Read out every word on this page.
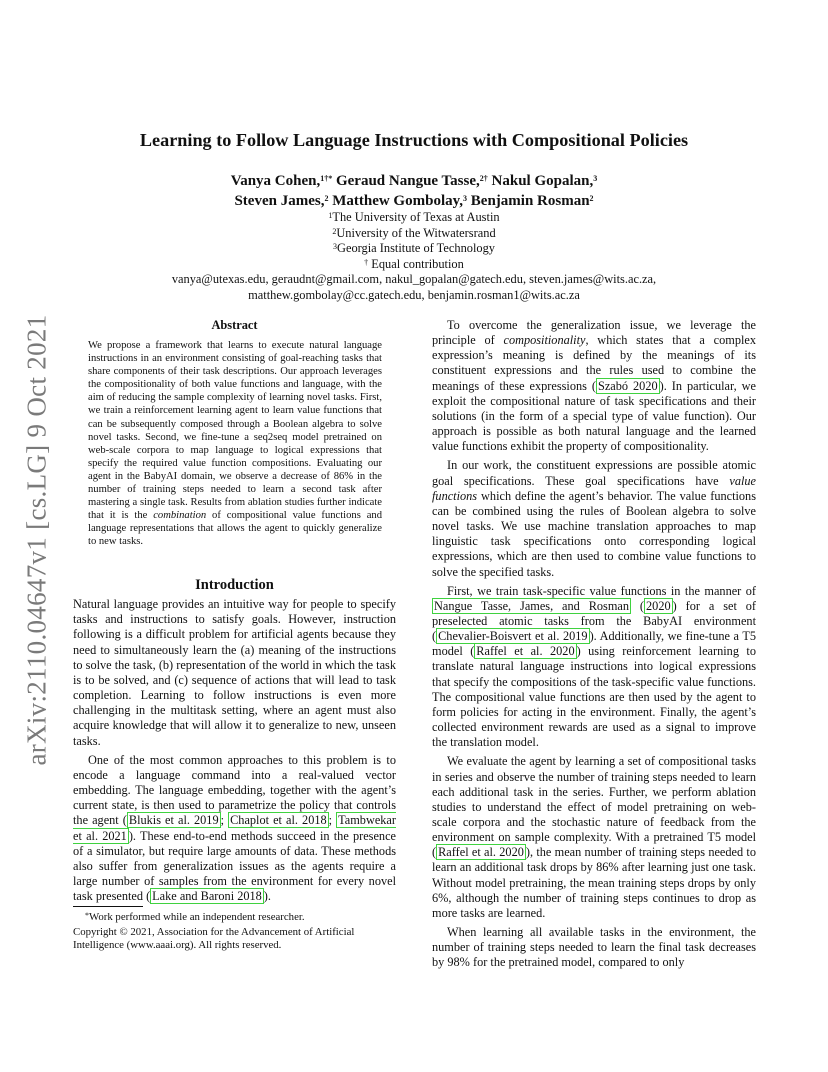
arXiv:2110.04647v1 [cs.LG] 9 Oct 2021
Learning to Follow Language Instructions with Compositional Policies
Vanya Cohen,$^{1\dagger*}$ Geraud Nangue Tasse,$^{2\dagger}$ Nakul Gopalan,$^3$
Steven James,$^2$ Matthew Gombolay,$^3$ Benjamin Rosman$^2$
$^1$The University of Texas at Austin
$^2$University of the Witwatersrand
$^3$Georgia Institute of Technology
† Equal contribution
vanya@utexas.edu, geraudnt@gmail.com, nakul_gopalan@gatech.edu, steven.james@wits.ac.za,
matthew.gombolay@cc.gatech.edu, benjamin.rosman1@wits.ac.za
Abstract
We propose a framework that learns to execute natural language instructions in an environment consisting of goal-reaching tasks that share components of their task descriptions. Our approach leverages the compositionality of both value functions and language, with the aim of reducing the sample complexity of learning novel tasks. First, we train a reinforcement learning agent to learn value functions that can be subsequently composed through a Boolean algebra to solve novel tasks. Second, we fine-tune a seq2seq model pretrained on web-scale corpora to map language to logical expressions that specify the required value function compositions. Evaluating our agent in the BabyAI domain, we observe a decrease of 86% in the number of training steps needed to learn a second task after mastering a single task. Results from ablation studies further indicate that it is the combination of compositional value functions and language representations that allows the agent to quickly generalize to new tasks.
Introduction

Natural language provides an intuitive way for people to specify tasks and instructions to satisfy goals. However, instruction following is a difficult problem for artificial agents because they need to simultaneously learn the (a) meaning of the instructions to solve the task, (b) representation of the world in which the task is to be solved, and (c) sequence of actions that will lead to task completion. Learning to follow instructions is even more challenging in the multitask setting, where an agent must also acquire knowledge that will allow it to generalize to new, unseen tasks.

One of the most common approaches to this problem is to encode a language command into a real-valued vector embedding. The language embedding, together with the agent’s current state, is then used to parametrize the policy that controls the agent ( Blukis et al. 2019 ; Chaplot et al. 2018 ; Tambwekar et al. 2021 ). These end-to-end methods succeed in the presence of a simulator, but require large amounts of data. These methods also suffer from generalization issues as the agents require a large number of samples from the environment for every novel task presented ( Lake and Baroni 2018 ).

*Work performed while an independent researcher.
Copyright © 2021, Association for the Advancement of Artificial Intelligence (www.aaai.org). All rights reserved.

To overcome the generalization issue, we leverage the principle of compositionality, which states that a complex expression’s meaning is defined by the meanings of its constituent expressions and the rules used to combine the meanings of these expressions ( Szabó 2020 ). In particular, we exploit the compositional nature of task specifications and their solutions (in the form of a special type of value function). Our approach is possible as both natural language and the learned value functions exhibit the property of compositionality.

In our work, the constituent expressions are possible atomic goal specifications. These goal specifications have value functions which define the agent’s behavior. The value functions can be combined using the rules of Boolean algebra to solve novel tasks. We use machine translation approaches to map linguistic task specifications onto corresponding logical expressions, which are then used to combine value functions to solve the specified tasks.

First, we train task-specific value functions in the manner of Nangue Tasse, James, and Rosman ( 2020 ) for a set of preselected atomic tasks from the BabyAI environment ( Chevalier-Boisvert et al. 2019 ). Additionally, we fine-tune a T5 model ( Raffel et al. 2020 ) using reinforcement learning to translate natural language instructions into logical expressions that specify the compositions of the task-specific value functions. The compositional value functions are then used by the agent to form policies for acting in the environment. Finally, the agent’s collected environment rewards are used as a signal to improve the translation model.

We evaluate the agent by learning a set of compositional tasks in series and observe the number of training steps needed to learn each additional task in the series. Further, we perform ablation studies to understand the effect of model pretraining on web-scale corpora and the stochastic nature of feedback from the environment on sample complexity. With a pretrained T5 model ( Raffel et al. 2020 ), the mean number of training steps needed to learn an additional task drops by 86% after learning just one task. Without model pretraining, the mean training steps drops by only 6%, although the number of training steps continues to drop as more tasks are learned.

When learning all available tasks in the environment, the number of training steps needed to learn the final task decreases by 98% for the pretrained model, compared to only
